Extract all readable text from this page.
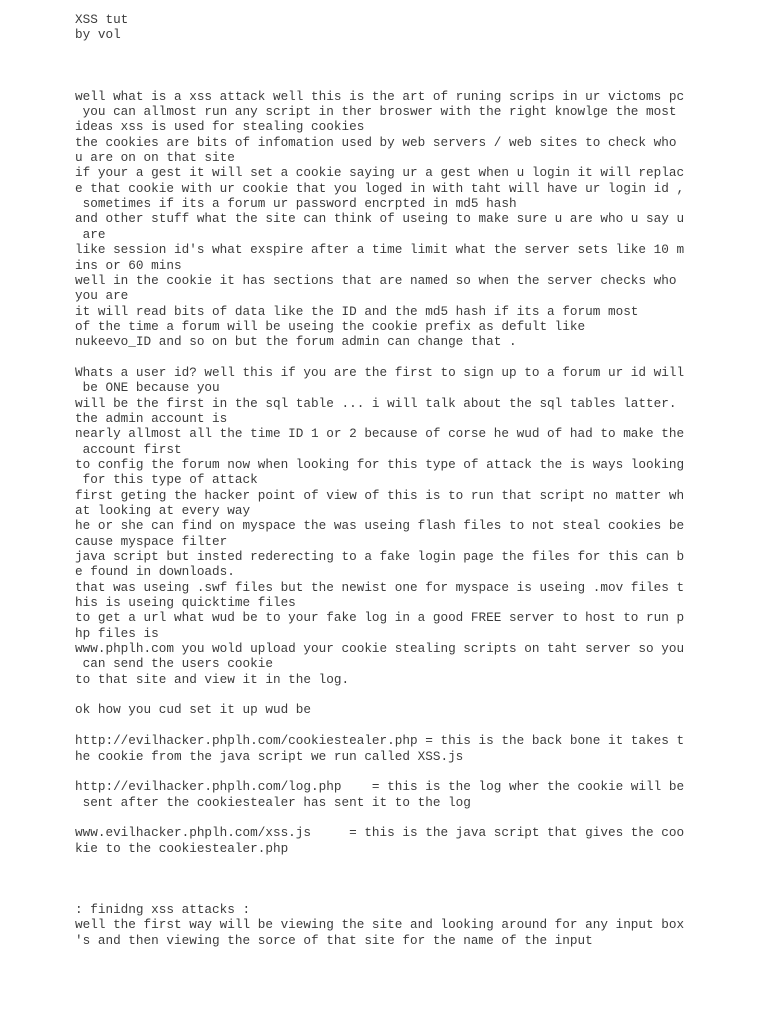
XSS tut
by vol
well what is a xss attack well this is the art of runing scrips in ur victoms pc
you can allmost run any script in ther broswer with the right knowlge the most
ideas xss is used for stealing cookies
the cookies are bits of infomation used by web servers / web sites to check who
u are on on that site
if your a gest it will set a cookie saying ur a gest when u login it will replac
e that cookie with ur cookie that you loged in with taht will have ur login id ,
sometimes if its a forum ur password encrpted in md5 hash
and other stuff what the site can think of useing to make sure u are who u say u
are
like session id's what exspire after a time limit what the server sets like 10 m
ins or 60 mins
well in the cookie it has sections that are named so when the server checks who
you are
it will read bits of data like the ID and the md5 hash if its a forum most
of the time a forum will be useing the cookie prefix as defult like
nukeevo_ID and so on but the forum admin can change that .
Whats a user id? well this if you are the first to sign up to a forum ur id will
be ONE because you
will be the first in the sql table ... i will talk about the sql tables latter.
the admin account is
nearly allmost all the time ID 1 or 2 because of corse he wud of had to make the
account first
to config the forum now when looking for this type of attack the is ways looking
for this type of attack
first geting the hacker point of view of this is to run that script no matter wh
at looking at every way
he or she can find on myspace the was useing flash files to not steal cookies be
cause myspace filter
java script but insted rederecting to a fake login page the files for this can b
e found in downloads.
that was useing .swf files but the newist one for myspace is useing .mov files t
his is useing quicktime files
to get a url what wud be to your fake log in a good FREE server to host to run p
hp files is
www.phplh.com you wold upload your cookie stealing scripts on taht server so you
can send the users cookie
to that site and view it in the log.
ok how you cud set it up wud be
http://evilhacker.phplh.com/cookiestealer.php = this is the back bone it takes t
he cookie from the java script we run called XSS.js
http://evilhacker.phplh.com/log.php    = this is the log wher the cookie will be
sent after the cookiestealer has sent it to the log
www.evilhacker.phplh.com/xss.js     = this is the java script that gives the coo
kie to the cookiestealer.php
: finidng xss attacks :
well the first way will be viewing the site and looking around for any input box
's and then viewing the sorce of that site for the name of the input
